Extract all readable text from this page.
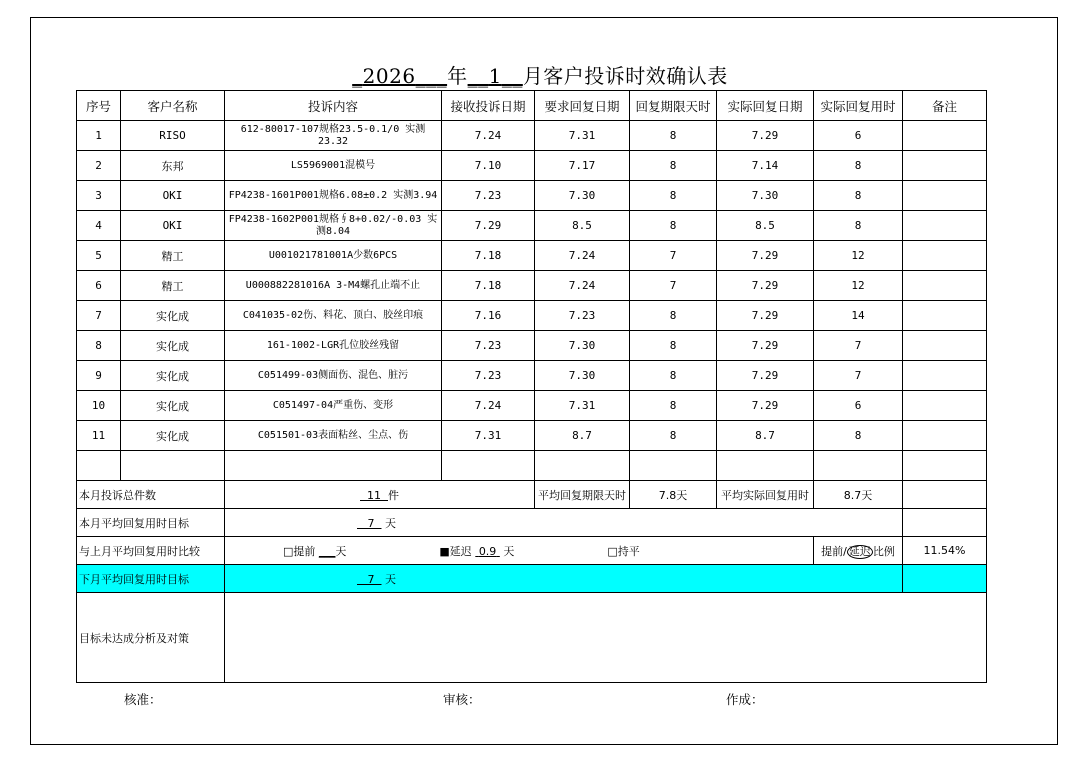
_2026___年__1__月客户投诉时效确认表
序号	客户名称	投诉内容	接收投诉日期	要求回复日期	回复期限天时	实际回复日期	实际回复用时	备注
1	RISO	612-80017-107规格23.5-0.1/0 实测23.32	7.24	7.31	8	7.29	6	
2	东邦	LS5969001混模号	7.10	7.17	8	7.14	8	
3	OKI	FP4238-1601P001规格6.08±0.2 实测3.94	7.23	7.30	8	7.30	8	
4	OKI	FP4238-1602P001规格∮8+0.02/-0.03 实测8.04	7.29	8.5	8	8.5	8	
5	精工	U001021781001A少数6PCS	7.18	7.24	7	7.29	12	
6	精工	U000882281016A 3-M4螺孔止端不止	7.18	7.24	7	7.29	12	
7	实化成	C041035-02伤、料花、顶白、胶丝印痕	7.16	7.23	8	7.29	14	
8	实化成	161-1002-LGR孔位胶丝残留	7.23	7.30	8	7.29	7	
9	实化成	C051499-03侧面伤、混色、脏污	7.23	7.30	8	7.29	7	
10	实化成	C051497-04严重伤、变形	7.24	7.31	8	7.29	6	
11	实化成	C051501-03表面粘丝、尘点、伤	7.31	8.7	8	8.7	8	

本月投诉总件数		11 件		平均回复期限天时	7.8天	平均实际回复用时	8.7天	
本月平均回复用时目标		7 天						
与上月平均回复用时比较		□提前 ___天 ■延迟 0.9 天 □持平					提前/ 延迟 比例	11.54%
下月平均回复用时目标		7 天						
目标未达成分析及对策								
核准：	审核：	作成：
